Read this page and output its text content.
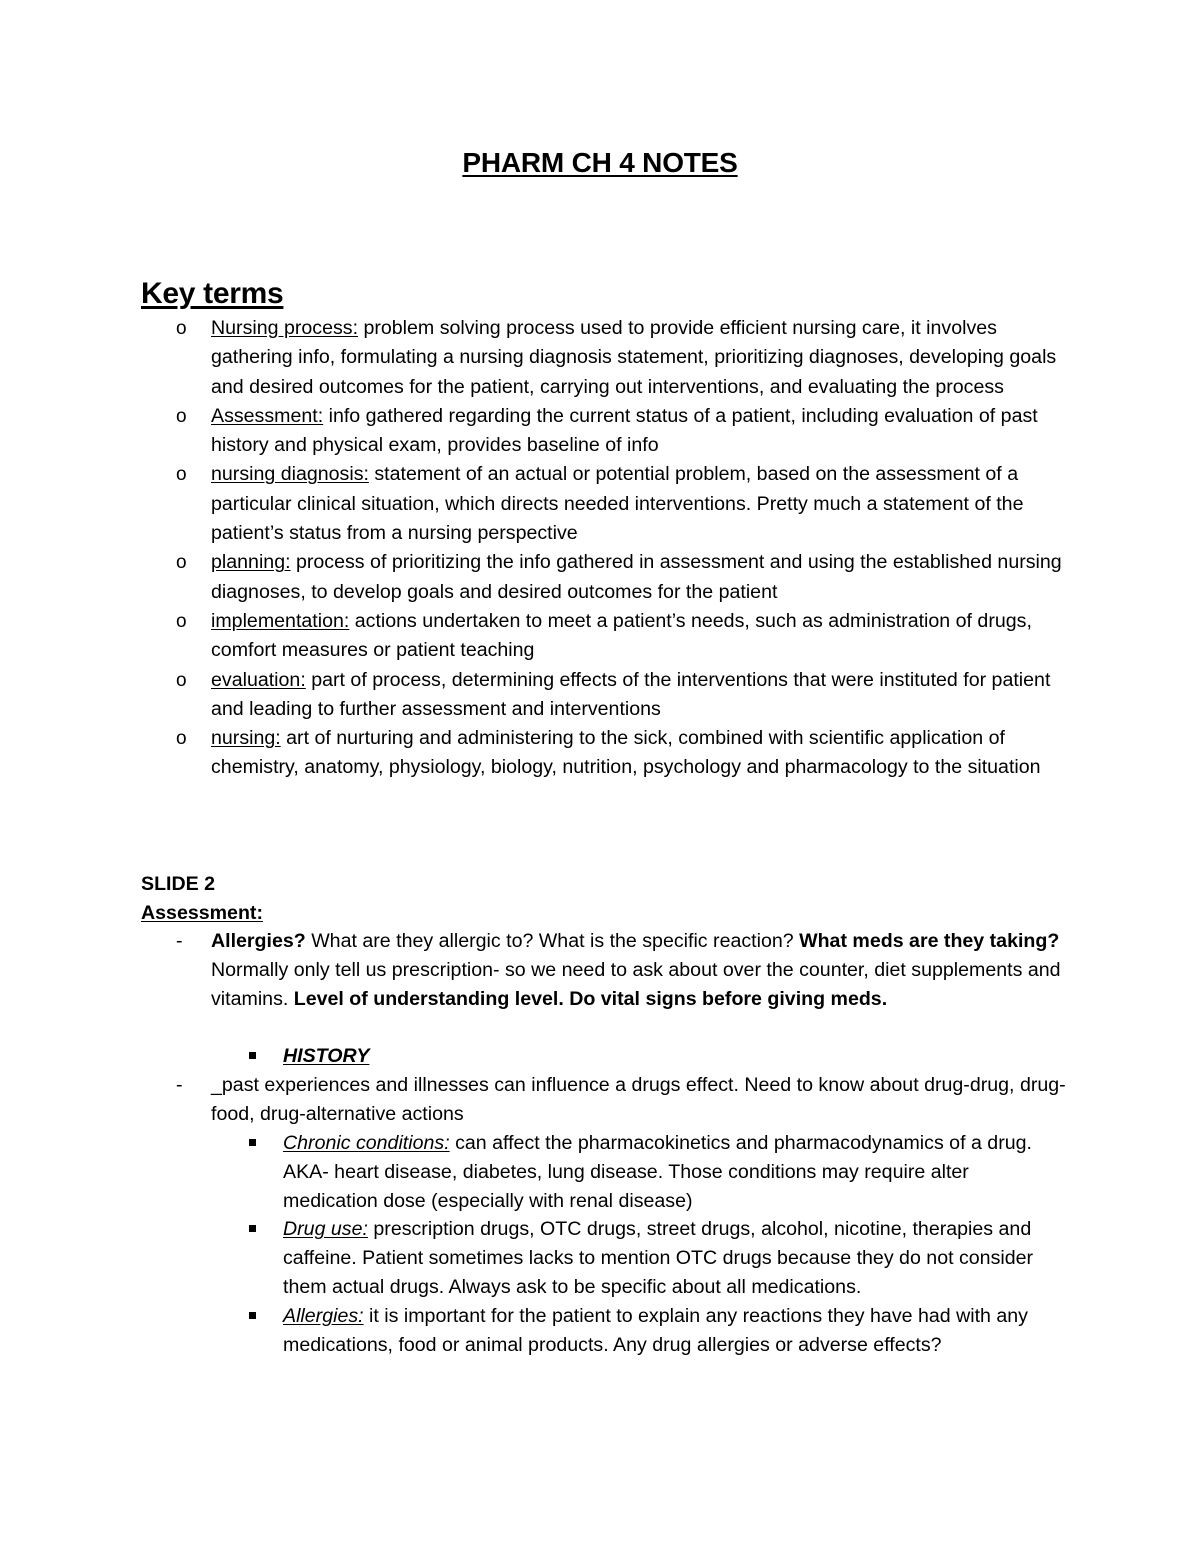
PHARM CH 4 NOTES
Key terms
o Nursing process: problem solving process used to provide efficient nursing care, it involves gathering info, formulating a nursing diagnosis statement, prioritizing diagnoses, developing goals and desired outcomes for the patient, carrying out interventions, and evaluating the process
o Assessment: info gathered regarding the current status of a patient, including evaluation of past history and physical exam, provides baseline of info
o nursing diagnosis: statement of an actual or potential problem, based on the assessment of a particular clinical situation, which directs needed interventions. Pretty much a statement of the patient’s status from a nursing perspective
o planning: process of prioritizing the info gathered in assessment and using the established nursing diagnoses, to develop goals and desired outcomes for the patient
o implementation: actions undertaken to meet a patient’s needs, such as administration of drugs, comfort measures or patient teaching
o evaluation: part of process, determining effects of the interventions that were instituted for patient and leading to further assessment and interventions
o nursing: art of nurturing and administering to the sick, combined with scientific application of chemistry, anatomy, physiology, biology, nutrition, psychology and pharmacology to the situation
SLIDE 2
Assessment:
-	Allergies? What are they allergic to? What is the specific reaction? What meds are they taking? Normally only tell us prescription- so we need to ask about over the counter, diet supplements and vitamins. Level of understanding level. Do vital signs before giving meds.
HISTORY
-	_past experiences and illnesses can influence a drugs effect. Need to know about drug-drug, drug-food, drug-alternative actions
Chronic conditions: can affect the pharmacokinetics and pharmacodynamics of a drug. AKA- heart disease, diabetes, lung disease. Those conditions may require alter medication dose (especially with renal disease)
Drug use: prescription drugs, OTC drugs, street drugs, alcohol, nicotine, therapies and caffeine. Patient sometimes lacks to mention OTC drugs because they do not consider them actual drugs. Always ask to be specific about all medications.
Allergies: it is important for the patient to explain any reactions they have had with any medications, food or animal products. Any drug allergies or adverse effects?
